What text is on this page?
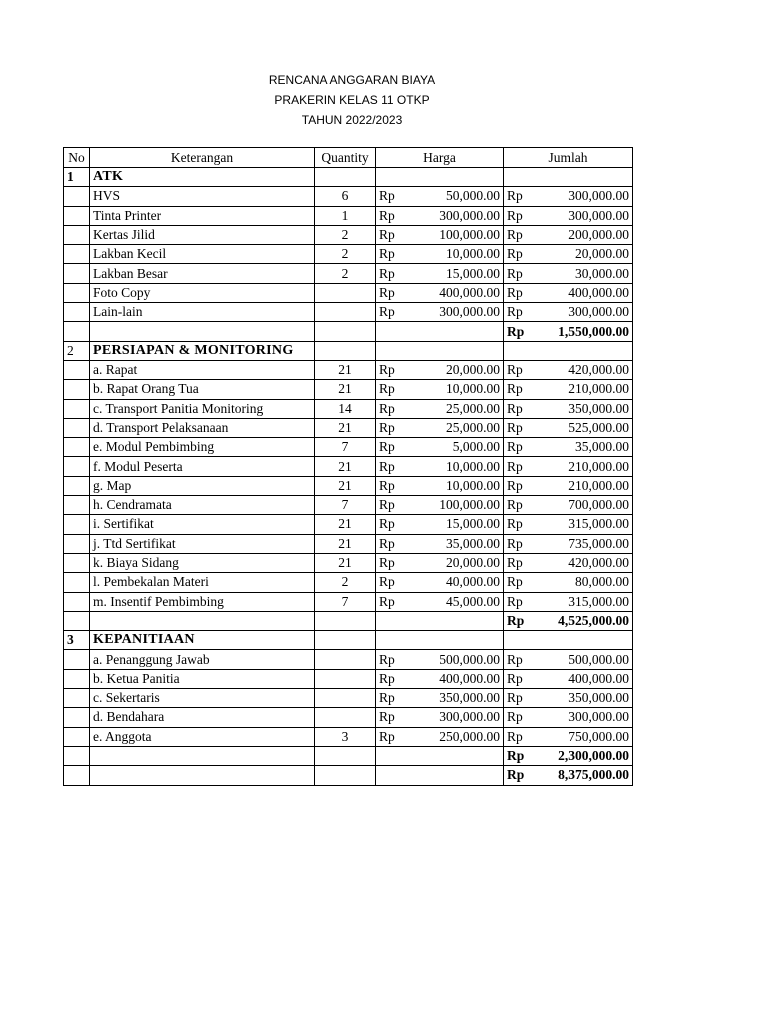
RENCANA ANGGARAN BIAYA
PRAKERIN KELAS 11 OTKP
TAHUN 2022/2023
No	Keterangan	Quantity	Harga		Jumlah	
1	ATK					
	HVS	6	Rp	50,000.00	Rp	300,000.00
	Tinta Printer	1	Rp	300,000.00	Rp	300,000.00
	Kertas Jilid	2	Rp	100,000.00	Rp	200,000.00
	Lakban Kecil	2	Rp	10,000.00	Rp	20,000.00
	Lakban Besar	2	Rp	15,000.00	Rp	30,000.00
	Foto Copy		Rp	400,000.00	Rp	400,000.00
	Lain-lain		Rp	300,000.00	Rp	300,000.00
					Rp	1,550,000.00
2	PERSIAPAN & MONITORING					
	a. Rapat	21	Rp	20,000.00	Rp	420,000.00
	b. Rapat Orang Tua	21	Rp	10,000.00	Rp	210,000.00
	c. Transport Panitia Monitoring	14	Rp	25,000.00	Rp	350,000.00
	d. Transport Pelaksanaan	21	Rp	25,000.00	Rp	525,000.00
	e. Modul Pembimbing	7	Rp	5,000.00	Rp	35,000.00
	f. Modul Peserta	21	Rp	10,000.00	Rp	210,000.00
	g. Map	21	Rp	10,000.00	Rp	210,000.00
	h. Cendramata	7	Rp	100,000.00	Rp	700,000.00
	i. Sertifikat	21	Rp	15,000.00	Rp	315,000.00
	j. Ttd Sertifikat	21	Rp	35,000.00	Rp	735,000.00
	k. Biaya Sidang	21	Rp	20,000.00	Rp	420,000.00
	l. Pembekalan Materi	2	Rp	40,000.00	Rp	80,000.00
	m. Insentif Pembimbing	7	Rp	45,000.00	Rp	315,000.00
					Rp	4,525,000.00
3	KEPANITIAAN					
	a. Penanggung Jawab		Rp	500,000.00	Rp	500,000.00
	b. Ketua Panitia		Rp	400,000.00	Rp	400,000.00
	c. Sekertaris		Rp	350,000.00	Rp	350,000.00
	d. Bendahara		Rp	300,000.00	Rp	300,000.00
	e. Anggota	3	Rp	250,000.00	Rp	750,000.00
					Rp	2,300,000.00
					Rp	8,375,000.00
